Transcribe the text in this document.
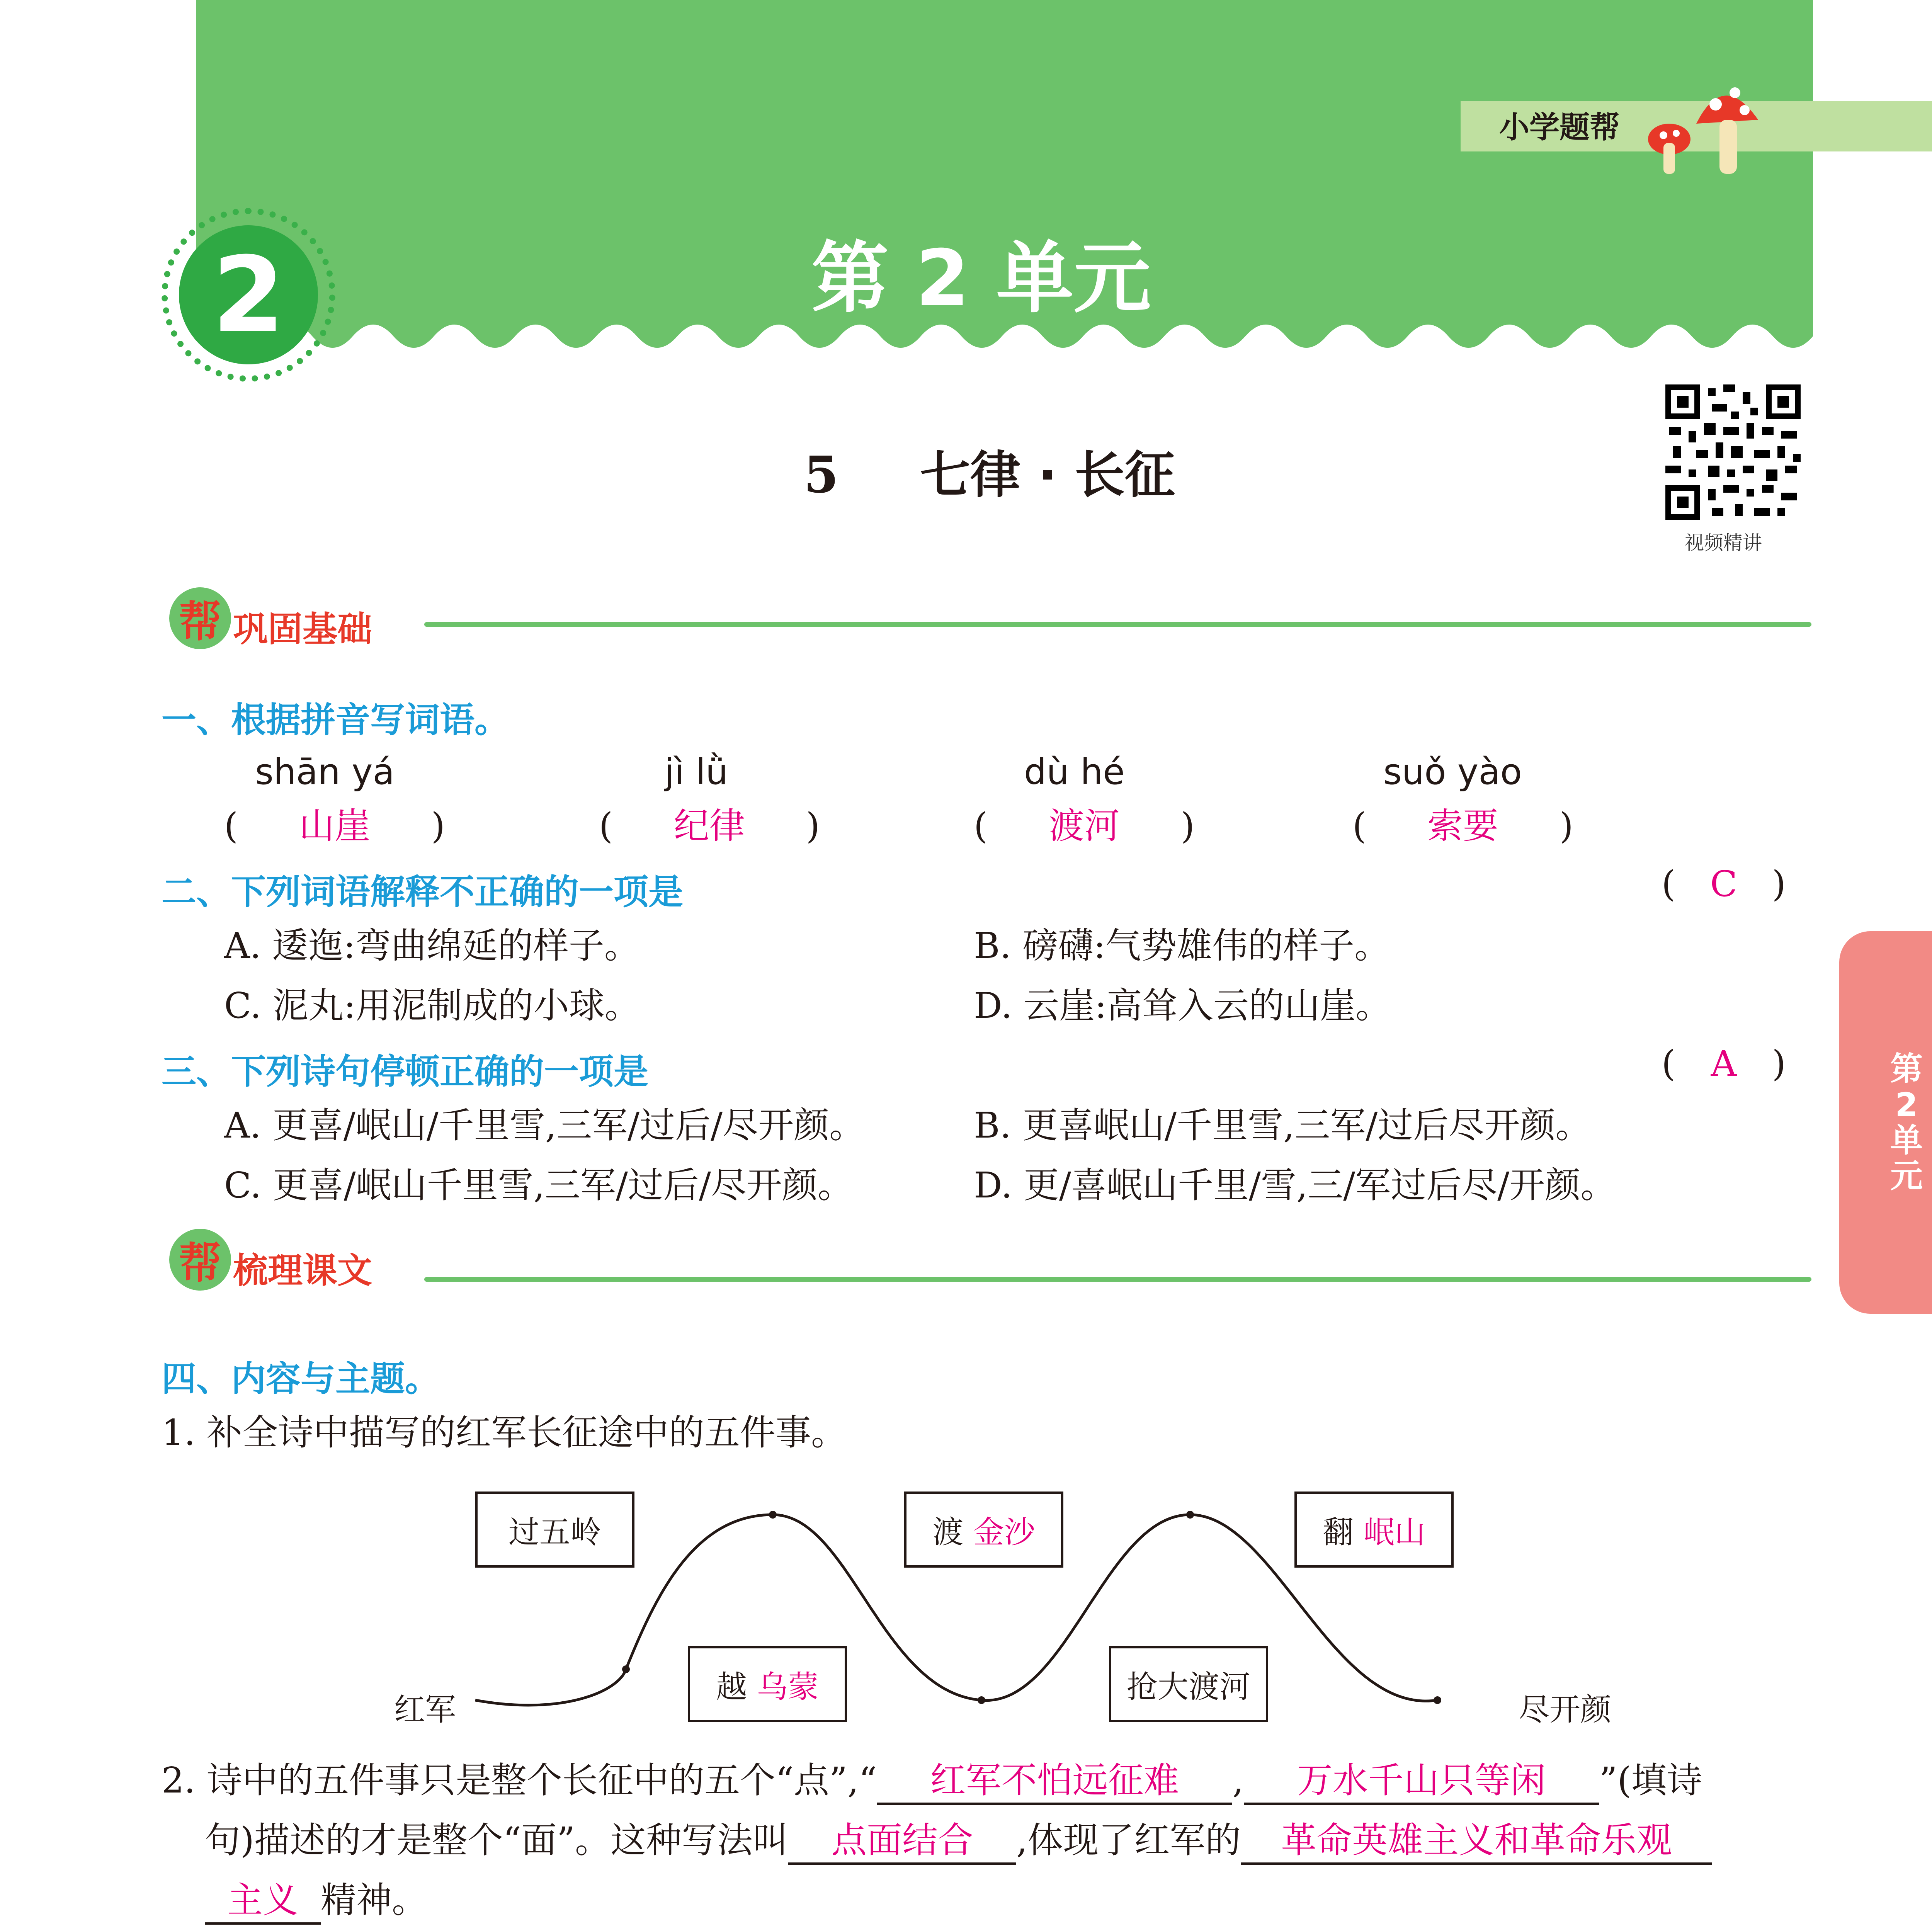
小学题帮
2	第 2 单元
5 七律 · 长征
视频精讲
第
2
单
元
帮 巩固基础
一、根据拼音写词语。
shān yá	jì lǜ	dù hé	suǒ yào
( 山崖 )	( 纪律 )	( 渡河 )	( 索要 )
二、下列词语解释不正确的一项是	( C )
A. 逶迤:弯曲绵延的样子。	B. 磅礴:气势雄伟的样子。
C. 泥丸:用泥制成的小球。	D. 云崖:高耸入云的山崖。
三、下列诗句停顿正确的一项是	( A )
A. 更喜/岷山/千里雪,三军/过后/尽开颜。	B. 更喜岷山/千里雪,三军/过后尽开颜。
C. 更喜/岷山千里雪,三军/过后/尽开颜。	D. 更/喜岷山千里/雪,三/军过后尽/开颜。
帮 梳理课文
四、内容与主题。
1. 补全诗中描写的红军长征途中的五件事。
红军	尽开颜
过五岭	渡
金沙	翻
岷山
越
乌蒙	抢大渡河
2. 诗中的五件事只是整个长征中的五个“点”,“ 红军不怕远征难 , 万水千山只等闲 ”(填诗
句)描述的才是整个“面”。这种写法叫 点面结合 ,体现了红军的 革命英雄主义和革命乐观
主义 精神。
